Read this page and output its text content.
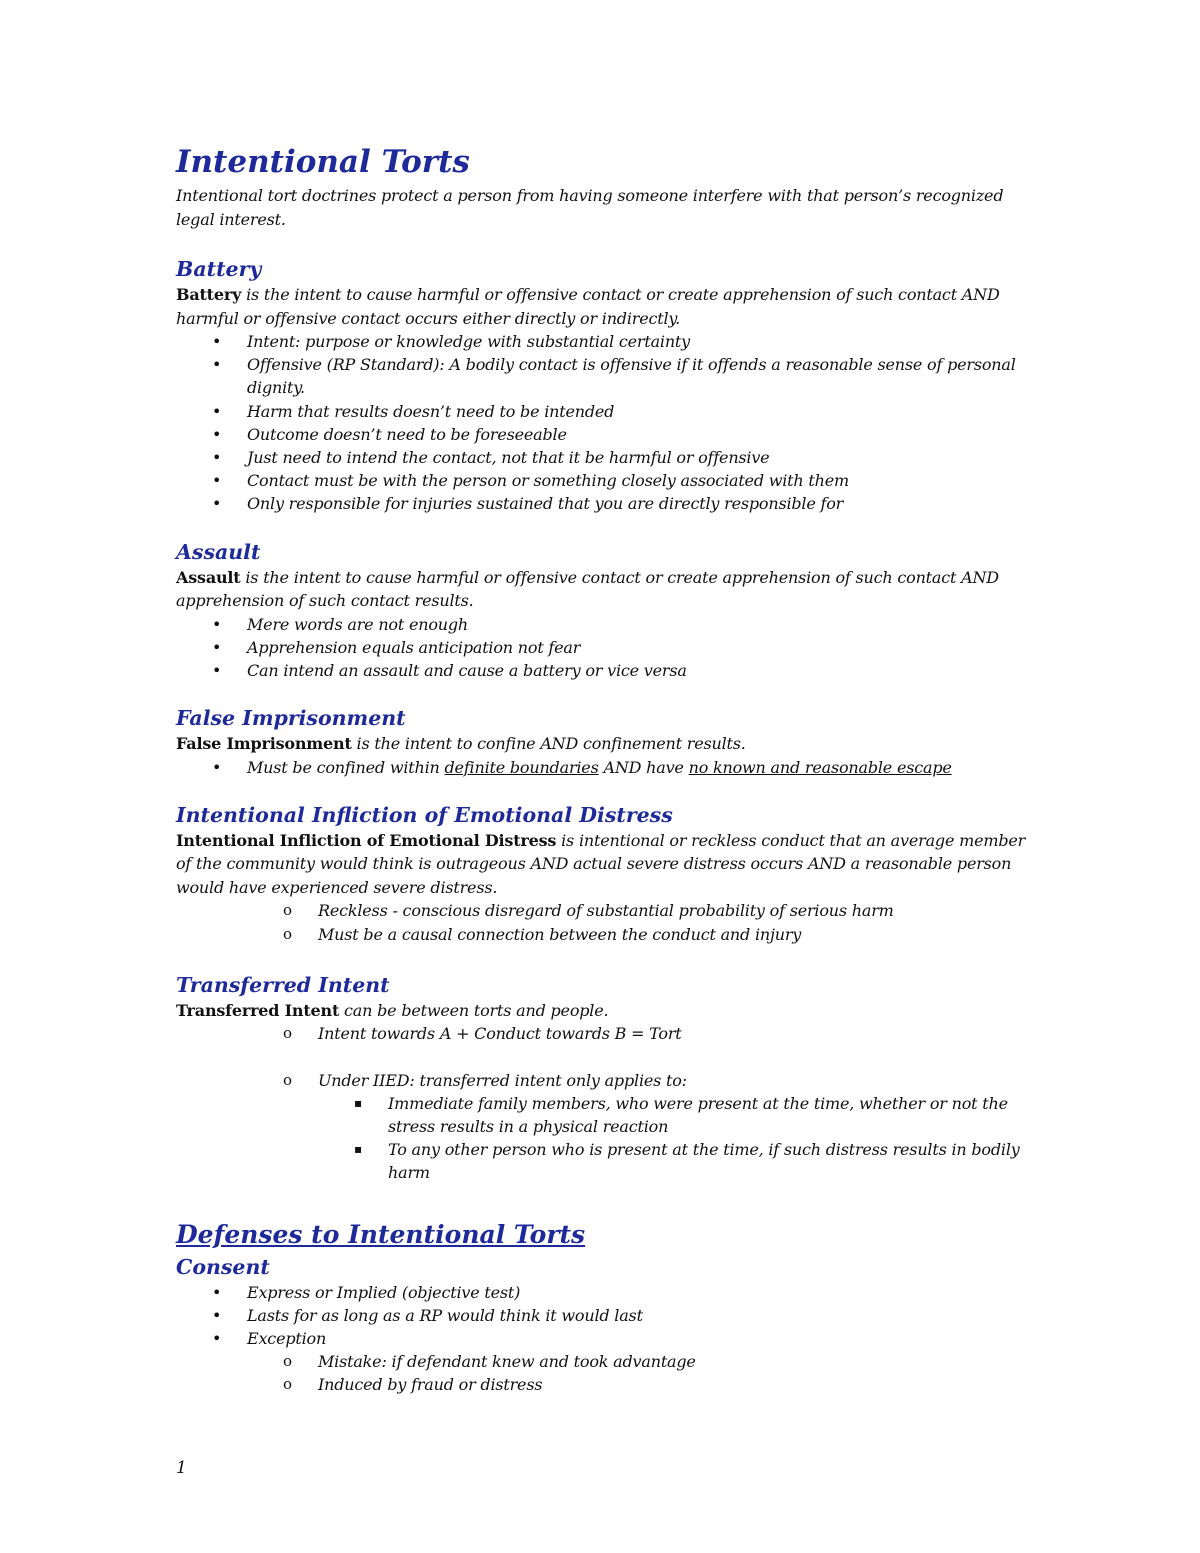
Intentional Torts

Intentional tort doctrines protect a person from having someone interfere with that person’s recognized legal interest.

Battery

Battery is the intent to cause harmful or offensive contact or create apprehension of such contact AND harmful or offensive contact occurs either directly or indirectly.

• Intent: purpose or knowledge with substantial certainty
• Offensive (RP Standard): A bodily contact is offensive if it offends a reasonable sense of personal dignity.
• Harm that results doesn’t need to be intended
• Outcome doesn’t need to be foreseeable
• Just need to intend the contact, not that it be harmful or offensive
• Contact must be with the person or something closely associated with them
• Only responsible for injuries sustained that you are directly responsible for
Assault

Assault is the intent to cause harmful or offensive contact or create apprehension of such contact AND apprehension of such contact results.

• Mere words are not enough
• Apprehension equals anticipation not fear
• Can intend an assault and cause a battery or vice versa
False Imprisonment

False Imprisonment is the intent to confine AND confinement results.

• Must be confined within definite boundaries AND have no known and reasonable escape
Intentional Infliction of Emotional Distress

Intentional Infliction of Emotional Distress is intentional or reckless conduct that an average member of the community would think is outrageous AND actual severe distress occurs AND a reasonable person would have experienced severe distress.

o Reckless - conscious disregard of substantial probability of serious harm
o Must be a causal connection between the conduct and injury
Transferred Intent

Transferred Intent can be between torts and people.

o Intent towards A + Conduct towards B = Tort
o Under IIED: transferred intent only applies to:
▪ Immediate family members, who were present at the time, whether or not the stress results in a physical reaction
▪ To any other person who is present at the time, if such distress results in bodily harm
Defenses to Intentional Torts
Consent
• Express or Implied (objective test)
• Lasts for as long as a RP would think it would last
• Exception
o Mistake: if defendant knew and took advantage
o Induced by fraud or distress
1
